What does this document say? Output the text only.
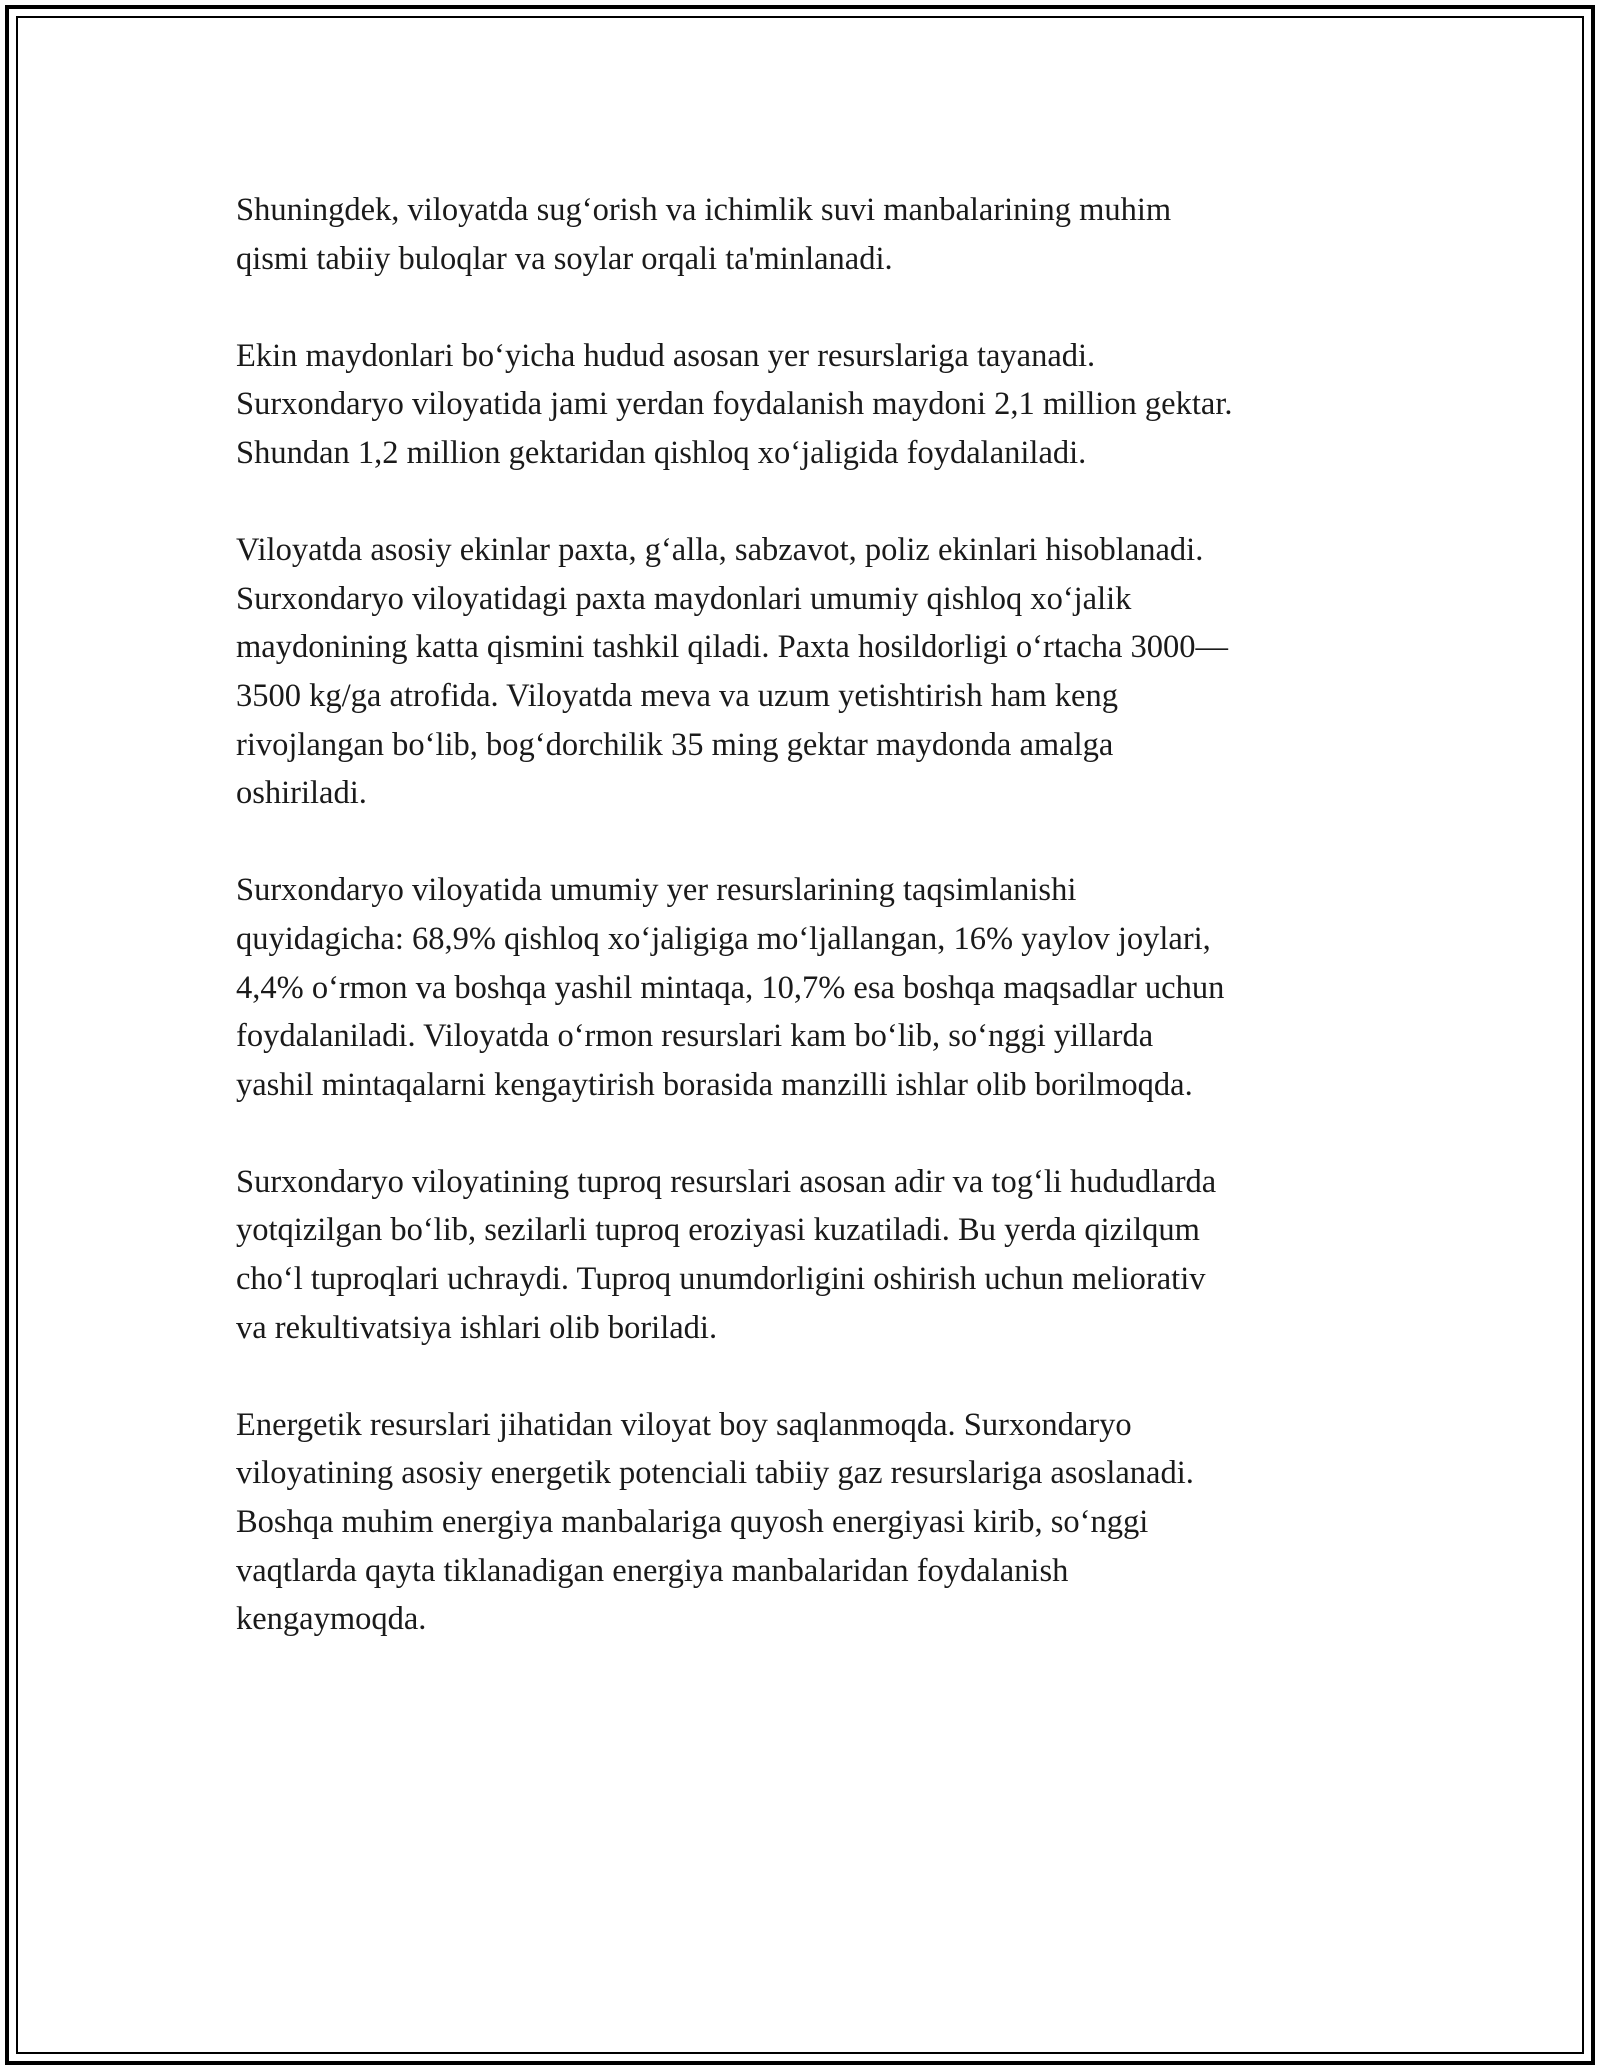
Shuningdek, viloyatda sug‘orish va ichimlik suvi manbalarining muhim
qismi tabiiy buloqlar va soylar orqali ta'minlanadi.

Ekin maydonlari bo‘yicha hudud asosan yer resurslariga tayanadi.
Surxondaryo viloyatida jami yerdan foydalanish maydoni 2,1 million gektar.
Shundan 1,2 million gektaridan qishloq xo‘jaligida foydalaniladi.

Viloyatda asosiy ekinlar paxta, g‘alla, sabzavot, poliz ekinlari hisoblanadi.
Surxondaryo viloyatidagi paxta maydonlari umumiy qishloq xo‘jalik
maydonining katta qismini tashkil qiladi. Paxta hosildorligi o‘rtacha 3000—
3500 kg/ga atrofida. Viloyatda meva va uzum yetishtirish ham keng
rivojlangan bo‘lib, bog‘dorchilik 35 ming gektar maydonda amalga
oshiriladi.

Surxondaryo viloyatida umumiy yer resurslarining taqsimlanishi
quyidagicha: 68,9% qishloq xo‘jaligiga mo‘ljallangan, 16% yaylov joylari,
4,4% o‘rmon va boshqa yashil mintaqa, 10,7% esa boshqa maqsadlar uchun
foydalaniladi. Viloyatda o‘rmon resurslari kam bo‘lib, so‘nggi yillarda
yashil mintaqalarni kengaytirish borasida manzilli ishlar olib borilmoqda.

Surxondaryo viloyatining tuproq resurslari asosan adir va tog‘li hududlarda
yotqizilgan bo‘lib, sezilarli tuproq eroziyasi kuzatiladi. Bu yerda qizilqum
cho‘l tuproqlari uchraydi. Tuproq unumdorligini oshirish uchun meliorativ
va rekultivatsiya ishlari olib boriladi.

Energetik resurslari jihatidan viloyat boy saqlanmoqda. Surxondaryo
viloyatining asosiy energetik potenciali tabiiy gaz resurslariga asoslanadi.
Boshqa muhim energiya manbalariga quyosh energiyasi kirib, so‘nggi
vaqtlarda qayta tiklanadigan energiya manbalaridan foydalanish
kengaymoqda.
